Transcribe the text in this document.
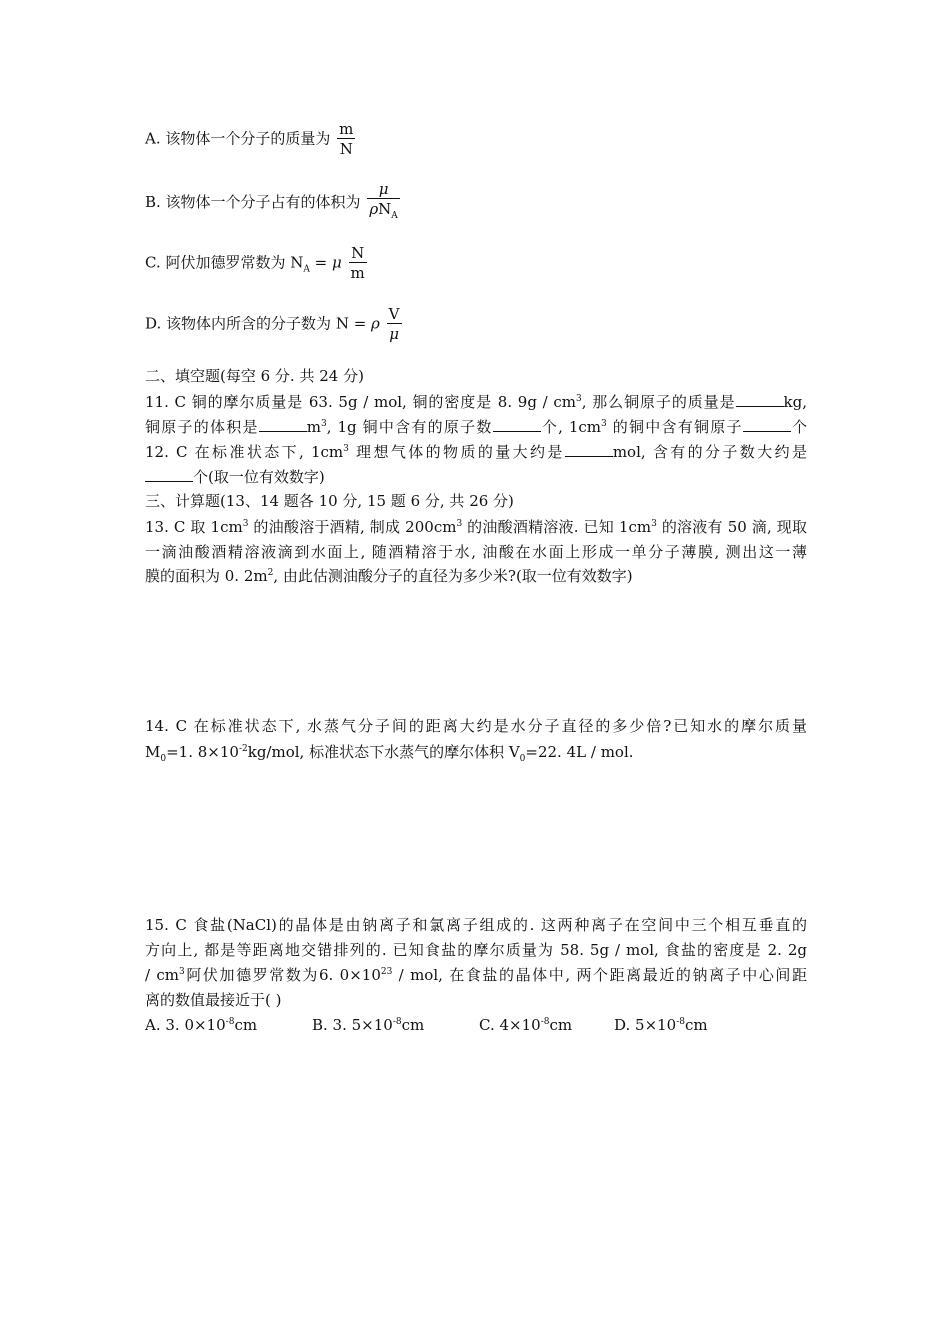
A. 该物体一个分子的质量为 $\frac{m}{N}$
B. 该物体一个分子占有的体积为 $\frac{\mu}{\rho N_A}$
C. 阿伏加德罗常数为 $N_A = \mu \frac{N}{m}$
D. 该物体内所含的分子数为 N = ρ $\frac{V}{\mu}$
二、填空题(每空 6 分. 共 24 分)
11. C 铜的摩尔质量是 63. 5g / mol, 铜的密度是 8. $9g / cm^3$, 那么铜原子的质量是	kg,
铜原子的体积是	$m^3$, 1g 铜中含有的原子数	个, $1cm^3$ 的铜中含有铜原子	个
12. C 在标准状态下, $1cm^3$ 理想气体的物质的量大约是	mol, 含有的分子数大约是
个(取一位有效数字)
三、计算题(13、14 题各 10 分, 15 题 6 分, 共 26 分)
13. C 取 $1cm^3$ 的油酸溶于酒精, 制成 $200cm^3$ 的油酸酒精溶液. 已知 $1cm^3$ 的溶液有 50 滴, 现取
一滴油酸酒精溶液滴到水面上, 随酒精溶于水, 油酸在水面上形成一单分子薄膜, 测出这一薄
膜的面积为 0. $2m^2$, 由此估测油酸分子的直径为多少米?(取一位有效数字)
14. C 在标准状态下, 水蒸气分子间的距离大约是水分子直径的多少倍?已知水的摩尔质量
$M_0=1$. $8\times 10^{-2}kg$/mol, 标准状态下水蒸气的摩尔体积 $V_0=22$. 4L / mol.
15. C 食盐(NaCl)的晶体是由钠离子和氯离子组成的. 这两种离子在空间中三个相互垂直的
方向上, 都是等距离地交错排列的. 已知食盐的摩尔质量为 58. 5g / mol, 食盐的密度是 2. 2g
/ $cm^3$阿伏加德罗常数为6. $0\times 10^{23}$ / mol, 在食盐的晶体中, 两个距离最近的钠离子中心间距
离的数值最接近于( )
A. 3. $0\times 10^{-8}cm$	B. 3. $5\times 10^{-8}cm$	C. $4\times 10^{-8}cm$	D. $5\times 10^{-8}cm$
